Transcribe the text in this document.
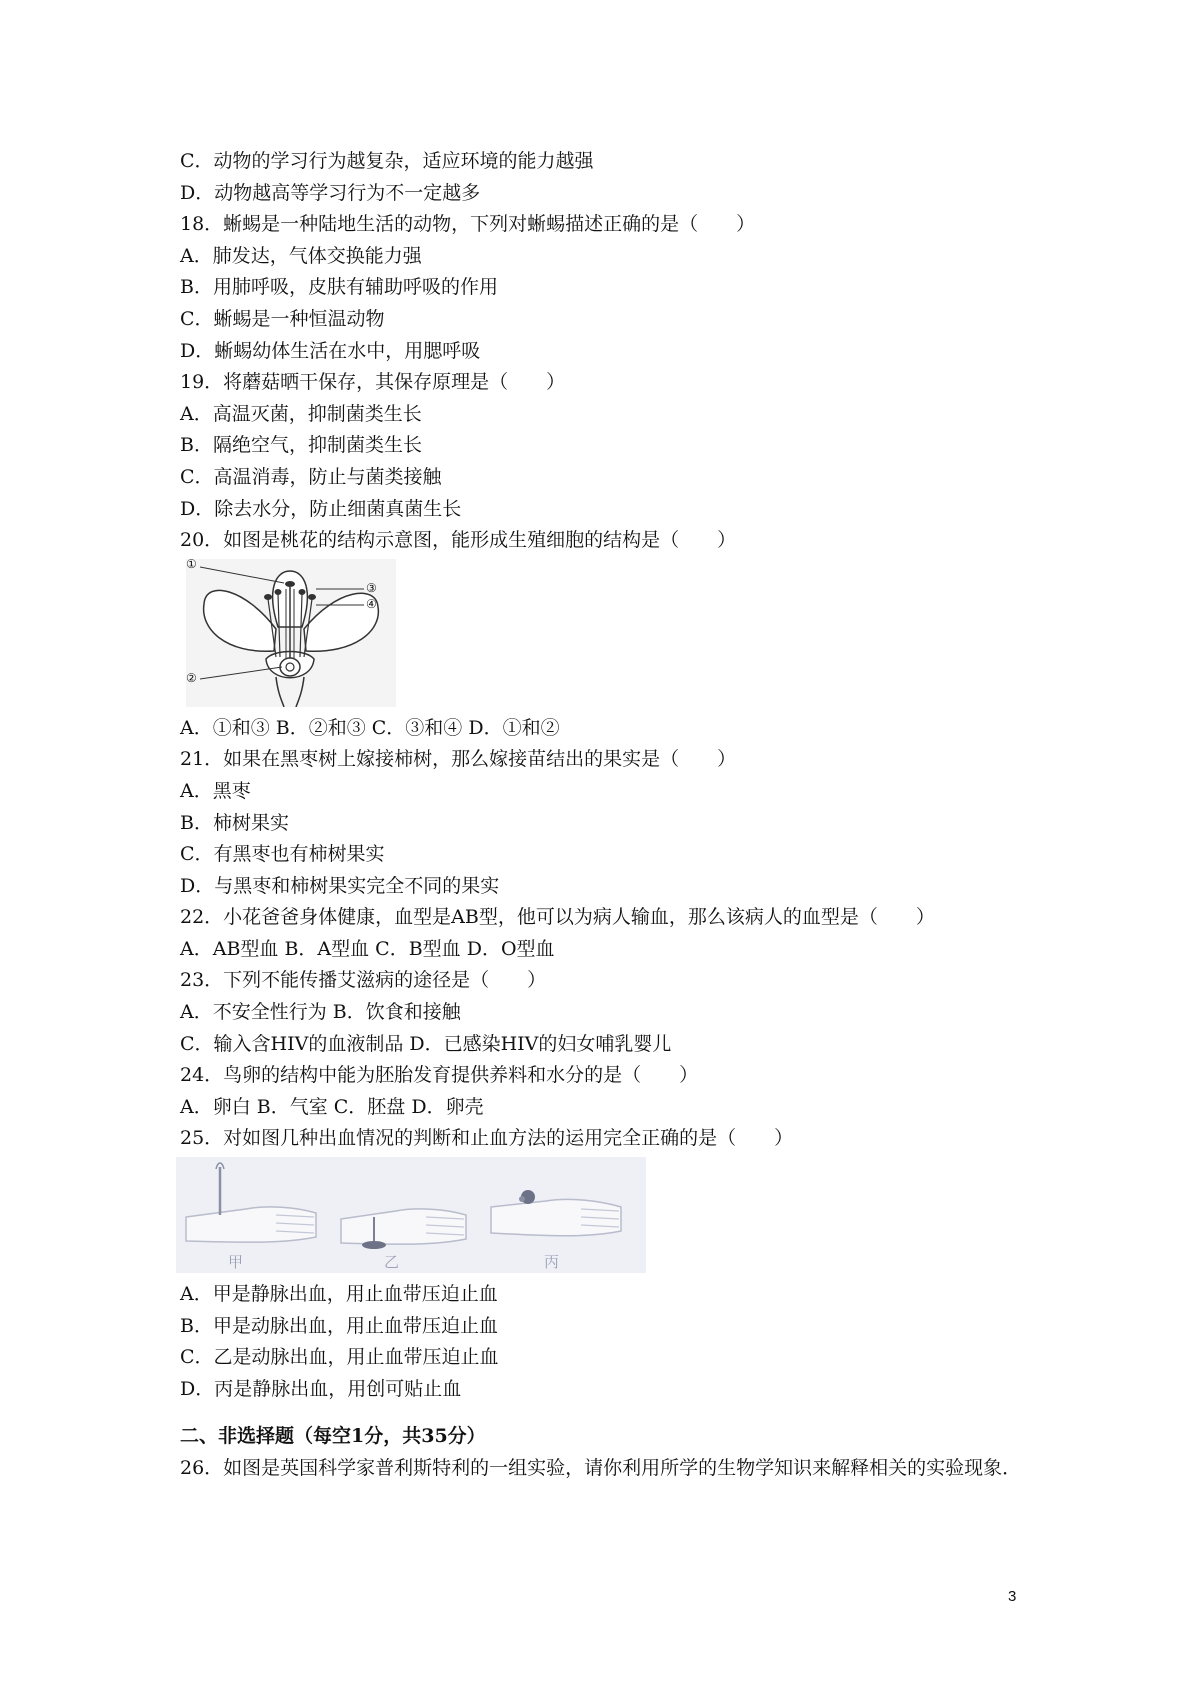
C．动物的学习行为越复杂，适应环境的能力越强
D．动物越高等学习行为不一定越多
18．蜥蜴是一种陆地生活的动物，下列对蜥蜴描述正确的是（　　）
A．肺发达，气体交换能力强
B．用肺呼吸，皮肤有辅助呼吸的作用
C．蜥蜴是一种恒温动物
D．蜥蜴幼体生活在水中，用腮呼吸
19．将蘑菇晒干保存，其保存原理是（　　）
A．高温灭菌，抑制菌类生长
B．隔绝空气，抑制菌类生长
C．高温消毒，防止与菌类接触
D．除去水分，防止细菌真菌生长
20．如图是桃花的结构示意图，能形成生殖细胞的结构是（　　）
①
③
④
②
A．①和③ B．②和③ C．③和④ D．①和②
21．如果在黑枣树上嫁接柿树，那么嫁接苗结出的果实是（　　）
A．黑枣
B．柿树果实
C．有黑枣也有柿树果实
D．与黑枣和柿树果实完全不同的果实
22．小花爸爸身体健康，血型是AB型，他可以为病人输血，那么该病人的血型是（　　）
A．AB型血 B．A型血 C．B型血 D．O型血
23．下列不能传播艾滋病的途径是（　　）
A．不安全性行为 B．饮食和接触
C．输入含HIV的血液制品 D．已感染HIV的妇女哺乳婴儿
24．鸟卵的结构中能为胚胎发育提供养料和水分的是（　　）
A．卵白 B．气室 C．胚盘 D．卵壳
25．对如图几种出血情况的判断和止血方法的运用完全正确的是（　　）
甲	乙	丙
A．甲是静脉出血，用止血带压迫止血
B．甲是动脉出血，用止血带压迫止血
C．乙是动脉出血，用止血带压迫止血
D．丙是静脉出血，用创可贴止血
二、非选择题（每空1分，共35分）
26．如图是英国科学家普利斯特利的一组实验，请你利用所学的生物学知识来解释相关的实验现象．
3
